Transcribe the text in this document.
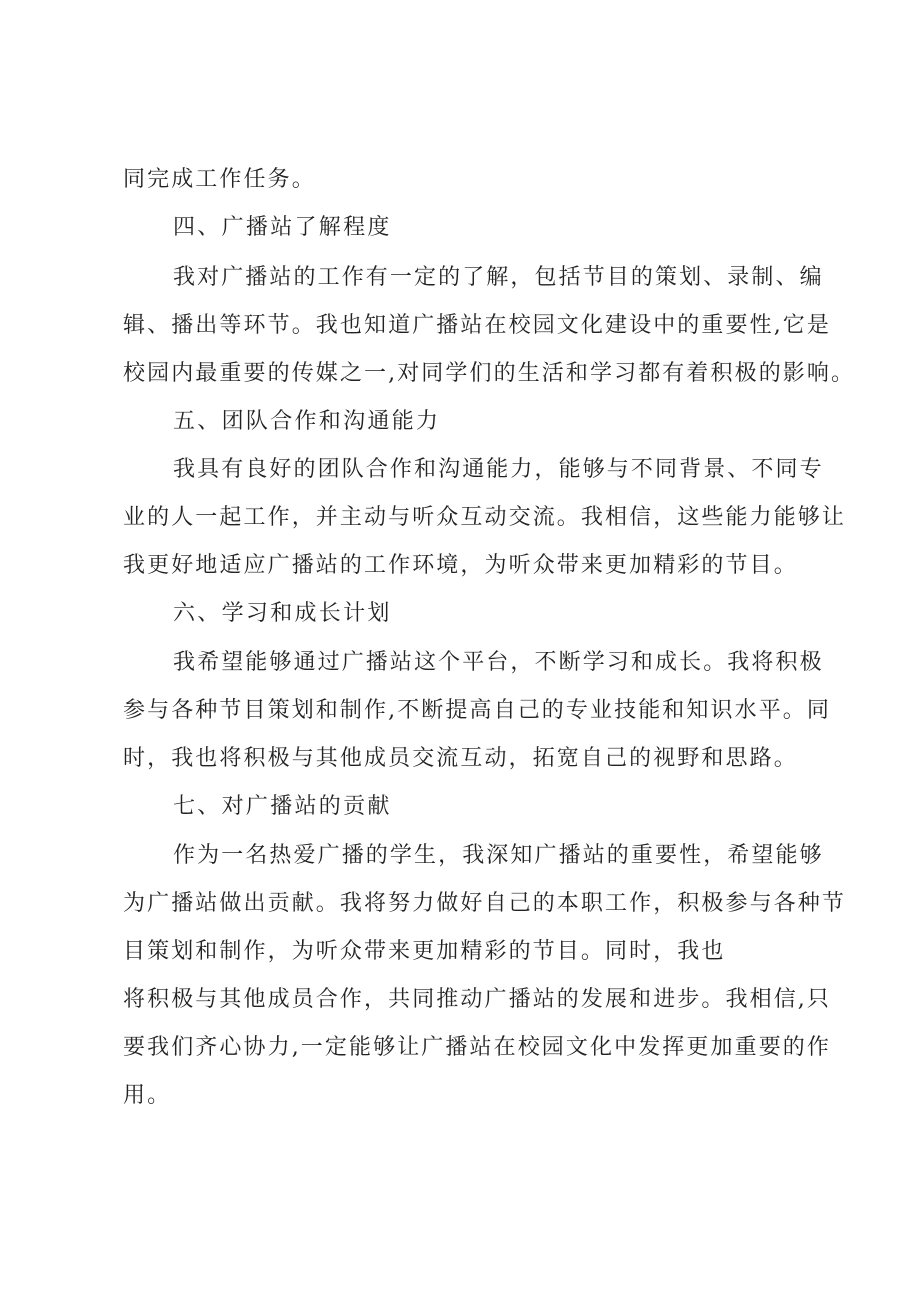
同完成工作任务。
四、广播站了解程度
我对广播站的工作有一定的了解，包括节目的策划、录制、编
辑、播出等环节。我也知道广播站在校园文化建设中的重要性,它是
校园内最重要的传媒之一,对同学们的生活和学习都有着积极的影响。
五、团队合作和沟通能力
我具有良好的团队合作和沟通能力，能够与不同背景、不同专
业的人一起工作，并主动与听众互动交流。我相信，这些能力能够让
我更好地适应广播站的工作环境，为听众带来更加精彩的节目。
六、学习和成长计划
我希望能够通过广播站这个平台，不断学习和成长。我将积极
参与各种节目策划和制作,不断提高自己的专业技能和知识水平。同
时，我也将积极与其他成员交流互动，拓宽自己的视野和思路。
七、对广播站的贡献
作为一名热爱广播的学生，我深知广播站的重要性，希望能够
为广播站做出贡献。我将努力做好自己的本职工作，积极参与各种节
目策划和制作，为听众带来更加精彩的节目。同时，我也
将积极与其他成员合作，共同推动广播站的发展和进步。我相信,只
要我们齐心协力,一定能够让广播站在校园文化中发挥更加重要的作
用。
